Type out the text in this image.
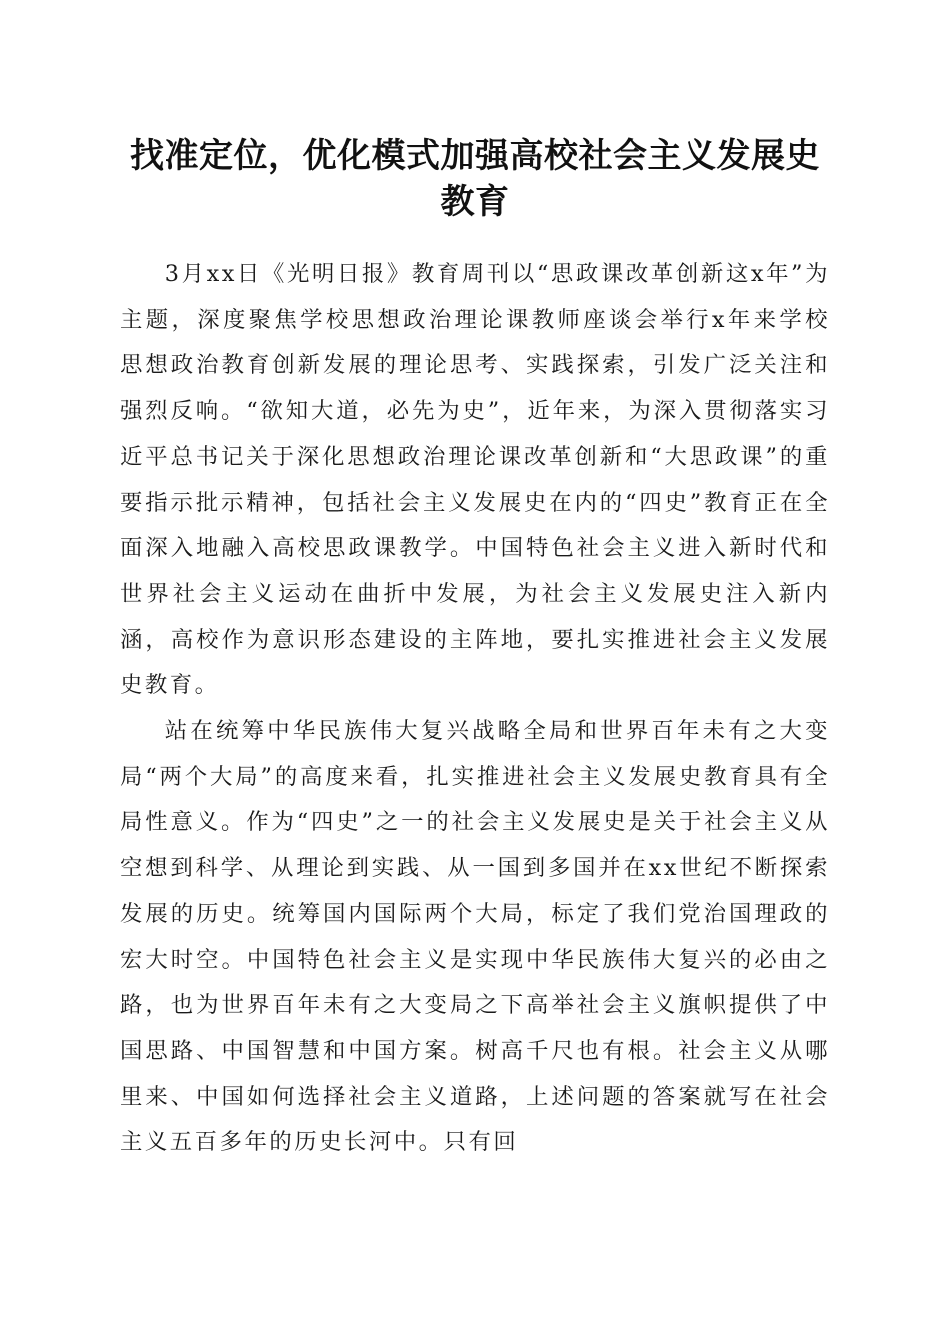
找准定位，优化模式加强高校社会主义发展史教育

3月xx日《光明日报》教育周刊以“思政课改革创新这x年”为主题，深度聚焦学校思想政治理论课教师座谈会举行x年来学校思想政治教育创新发展的理论思考、实践探索，引发广泛关注和强烈反响。“欲知大道，必先为史”，近年来，为深入贯彻落实习近平总书记关于深化思想政治理论课改革创新和“大思政课”的重要指示批示精神，包括社会主义发展史在内的“四史”教育正在全面深入地融入高校思政课教学。中国特色社会主义进入新时代和世界社会主义运动在曲折中发展，为社会主义发展史注入新内涵，高校作为意识形态建设的主阵地，要扎实推进社会主义发展史教育。

站在统筹中华民族伟大复兴战略全局和世界百年未有之大变局“两个大局”的高度来看，扎实推进社会主义发展史教育具有全局性意义。作为“四史”之一的社会主义发展史是关于社会主义从空想到科学、从理论到实践、从一国到多国并在xx世纪不断探索发展的历史。统筹国内国际两个大局，标定了我们党治国理政的宏大时空。中国特色社会主义是实现中华民族伟大复兴的必由之路，也为世界百年未有之大变局之下高举社会主义旗帜提供了中国思路、中国智慧和中国方案。树高千尺也有根。社会主义从哪里来、中国如何选择社会主义道路，上述问题的答案就写在社会主义五百多年的历史长河中。只有回
